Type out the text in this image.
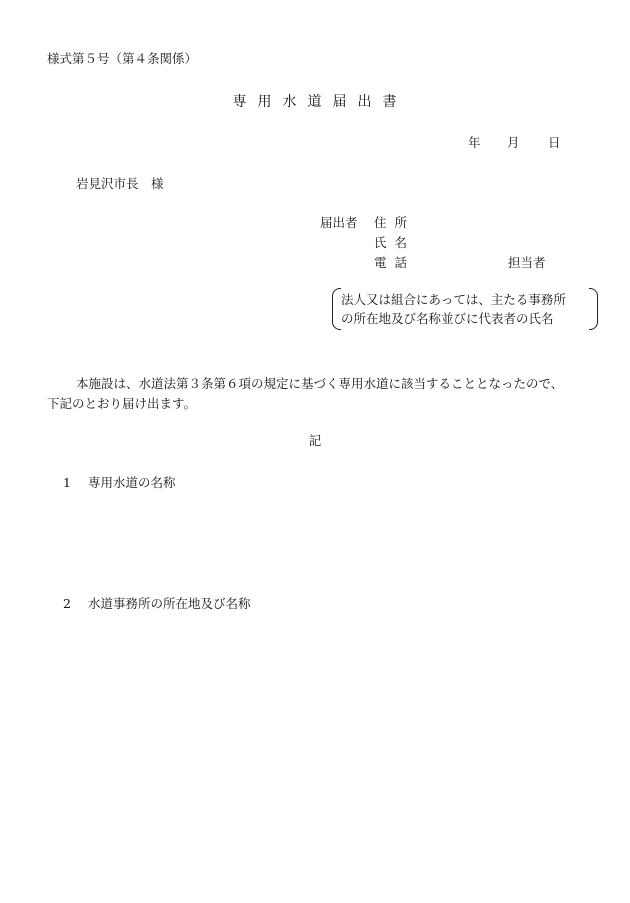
様式第５号（第４条関係）
専 用 水 道 届 出 書
年 月 日
岩見沢市長　様
届出者 住所
氏名
電話	担当者
法人又は組合にあっては、主たる事務所
の所在地及び名称並びに代表者の氏名
本施設は、水道法第３条第６項の規定に基づく専用水道に該当することとなったので、
下記のとおり届け出ます。
記
1 専用水道の名称
2 水道事務所の所在地及び名称
